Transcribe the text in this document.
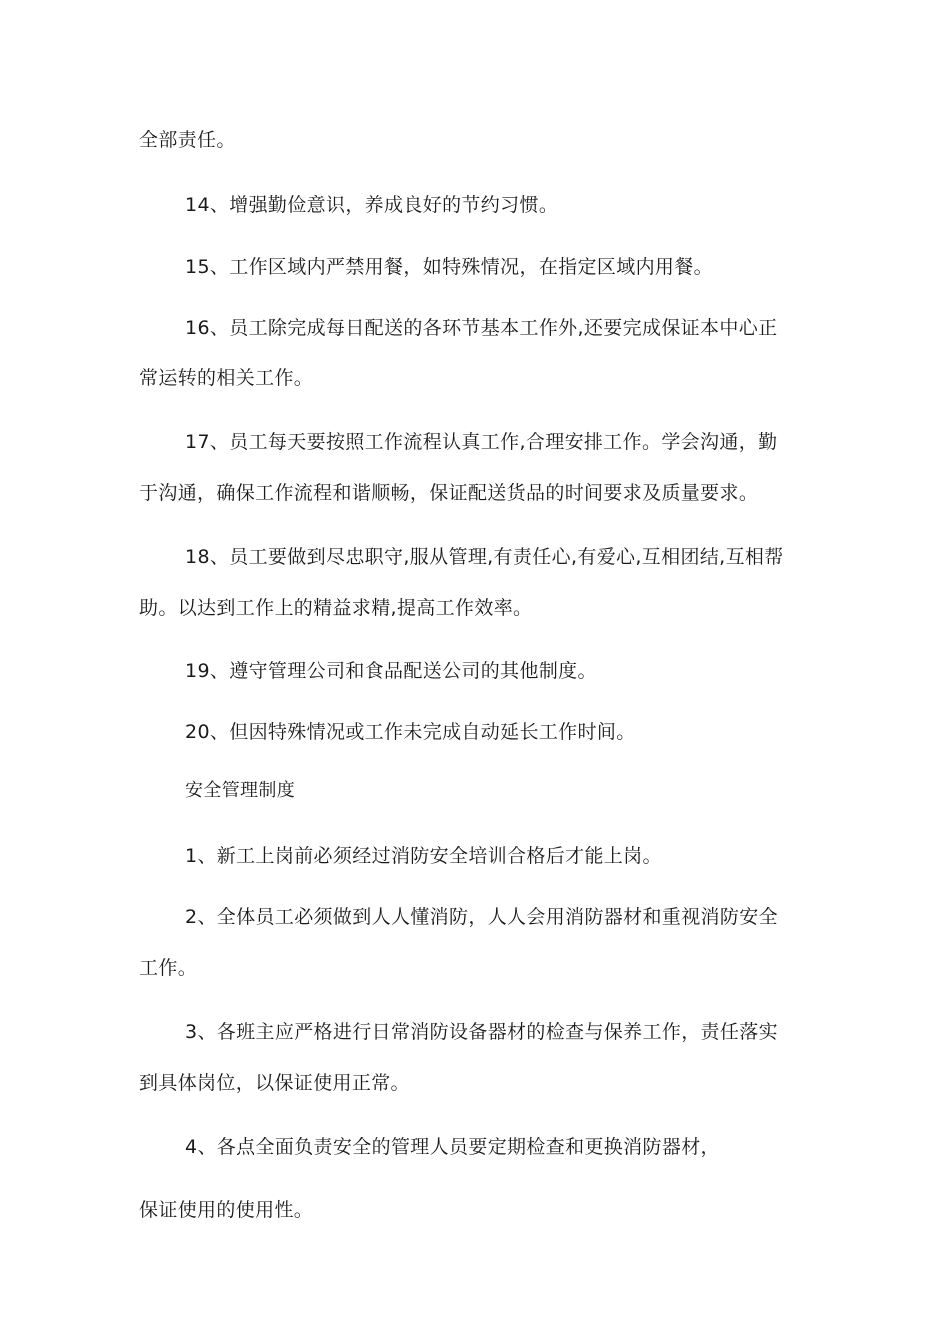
全部责任。
14、增强勤俭意识，养成良好的节约习惯。
15、工作区域内严禁用餐，如特殊情况，在指定区域内用餐。
16、员工除完成每日配送的各环节基本工作外,还要完成保证本中心正
常运转的相关工作。
17、员工每天要按照工作流程认真工作,合理安排工作。学会沟通，勤
于沟通，确保工作流程和谐顺畅，保证配送货品的时间要求及质量要求。
18、员工要做到尽忠职守,服从管理,有责任心,有爱心,互相团结,互相帮
助。以达到工作上的精益求精,提高工作效率。
19、遵守管理公司和食品配送公司的其他制度。
20、但因特殊情况或工作未完成自动延长工作时间。
安全管理制度
1、新工上岗前必须经过消防安全培训合格后才能上岗。
2、全体员工必须做到人人懂消防，人人会用消防器材和重视消防安全
工作。
3、各班主应严格进行日常消防设备器材的检查与保养工作，责任落实
到具体岗位，以保证使用正常。
4、各点全面负责安全的管理人员要定期检查和更换消防器材，
保证使用的使用性。
